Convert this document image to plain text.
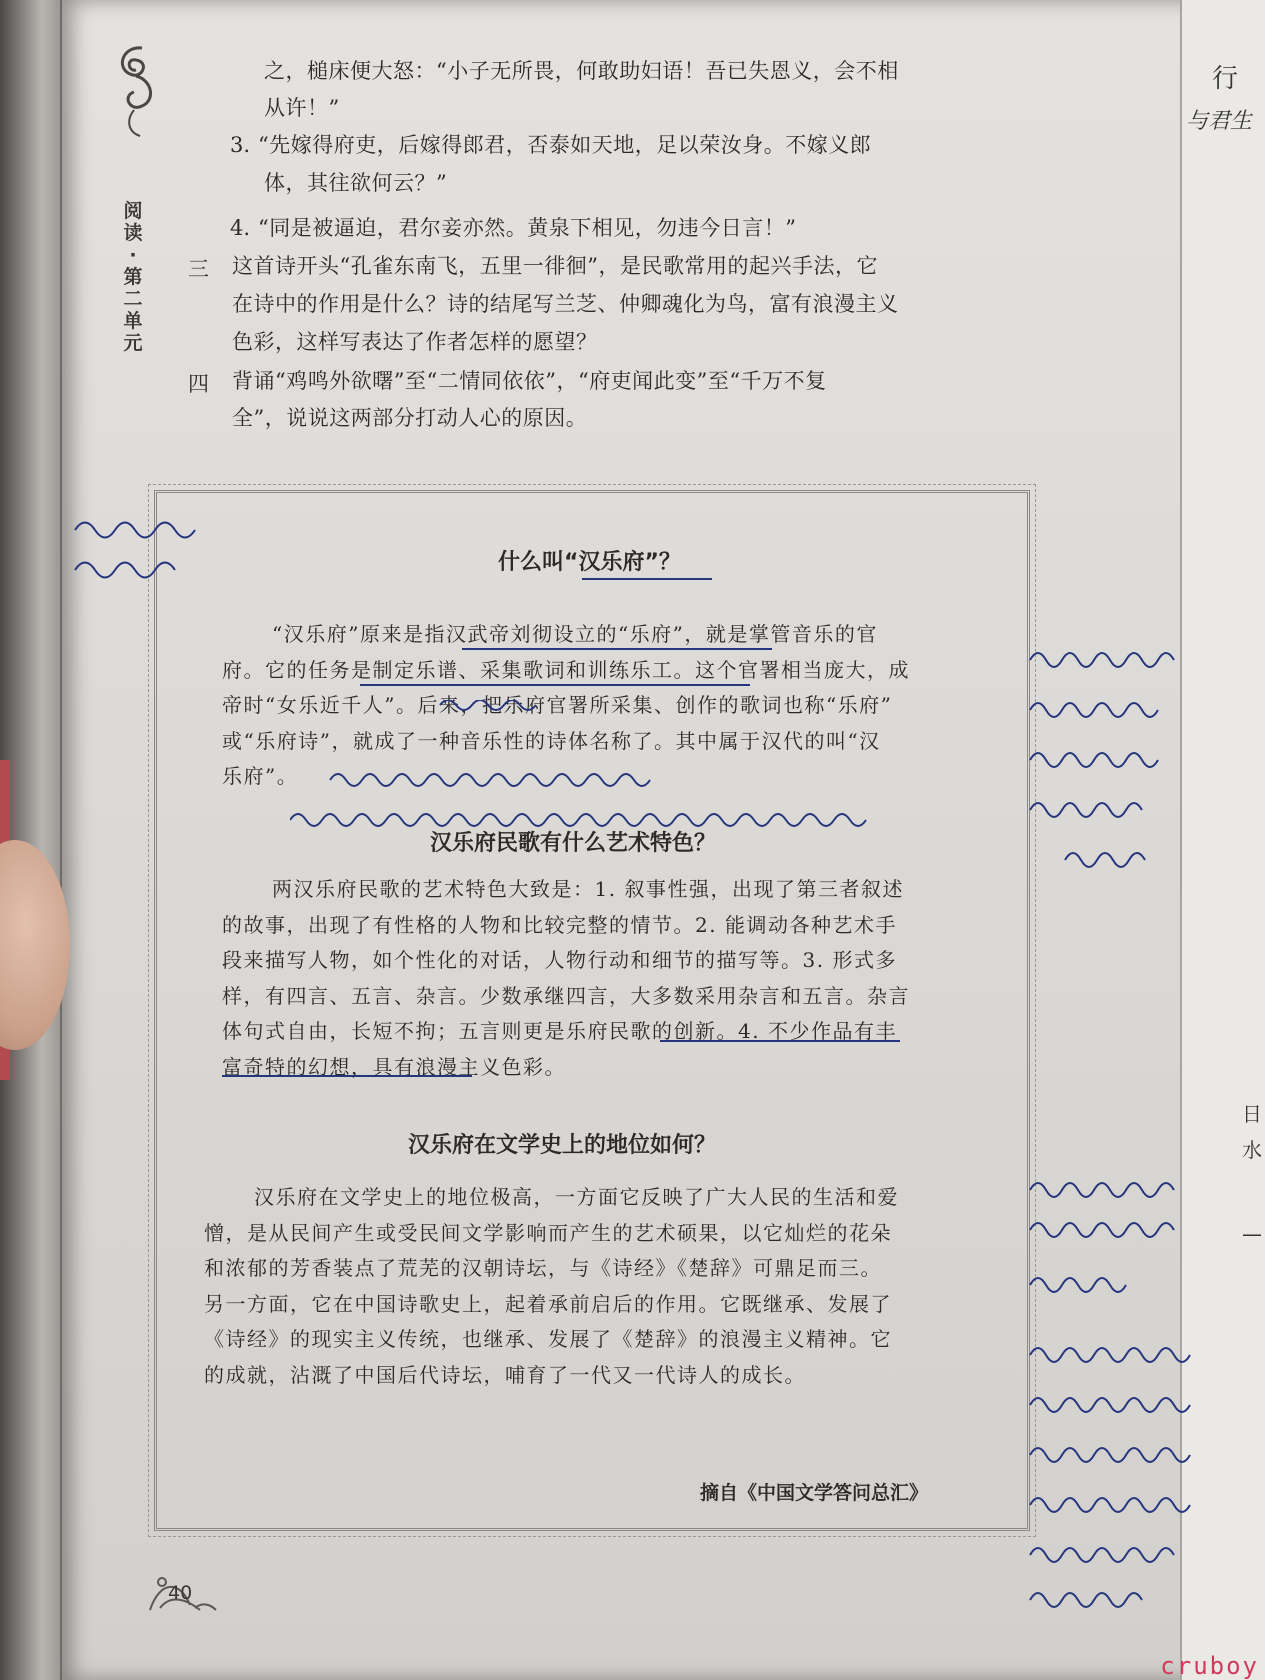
行
与君生
日
水
—
阅
读
·
第
二
单
元
之，槌床便大怒：“小子无所畏，何敢助妇语！吾已失恩义，会不相
从许！”
3. “先嫁得府吏，后嫁得郎君，否泰如天地，足以荣汝身。不嫁义郎
体，其往欲何云？”
4. “同是被逼迫，君尔妾亦然。黄泉下相见，勿违今日言！”
三 这首诗开头“孔雀东南飞，五里一徘徊”，是民歌常用的起兴手法，它
在诗中的作用是什么？诗的结尾写兰芝、仲卿魂化为鸟，富有浪漫主义
色彩，这样写表达了作者怎样的愿望？
四 背诵“鸡鸣外欲曙”至“二情同依依”，“府吏闻此变”至“千万不复
全”，说说这两部分打动人心的原因。
什么叫“汉乐府”？
“汉乐府”原来是指汉武帝刘彻设立的“乐府”，就是掌管音乐的官
府。它的任务是制定乐谱、采集歌词和训练乐工。这个官署相当庞大，成
帝时“女乐近千人”。后来，把乐府官署所采集、创作的歌词也称“乐府”
或“乐府诗”，就成了一种音乐性的诗体名称了。其中属于汉代的叫“汉
乐府”。
汉乐府民歌有什么艺术特色？
两汉乐府民歌的艺术特色大致是：1. 叙事性强，出现了第三者叙述
的故事，出现了有性格的人物和比较完整的情节。2. 能调动各种艺术手
段来描写人物，如个性化的对话，人物行动和细节的描写等。3. 形式多
样，有四言、五言、杂言。少数承继四言，大多数采用杂言和五言。杂言
体句式自由，长短不拘；五言则更是乐府民歌的创新。4. 不少作品有丰
富奇特的幻想，具有浪漫主义色彩。
汉乐府在文学史上的地位如何？
汉乐府在文学史上的地位极高，一方面它反映了广大人民的生活和爱
憎，是从民间产生或受民间文学影响而产生的艺术硕果，以它灿烂的花朵
和浓郁的芳香装点了荒芜的汉朝诗坛，与《诗经》《楚辞》可鼎足而三。
另一方面，它在中国诗歌史上，起着承前启后的作用。它既继承、发展了
《诗经》的现实主义传统，也继承、发展了《楚辞》的浪漫主义精神。它
的成就，沾溉了中国后代诗坛，哺育了一代又一代诗人的成长。
摘自《中国文学答问总汇》
40
cruboy
